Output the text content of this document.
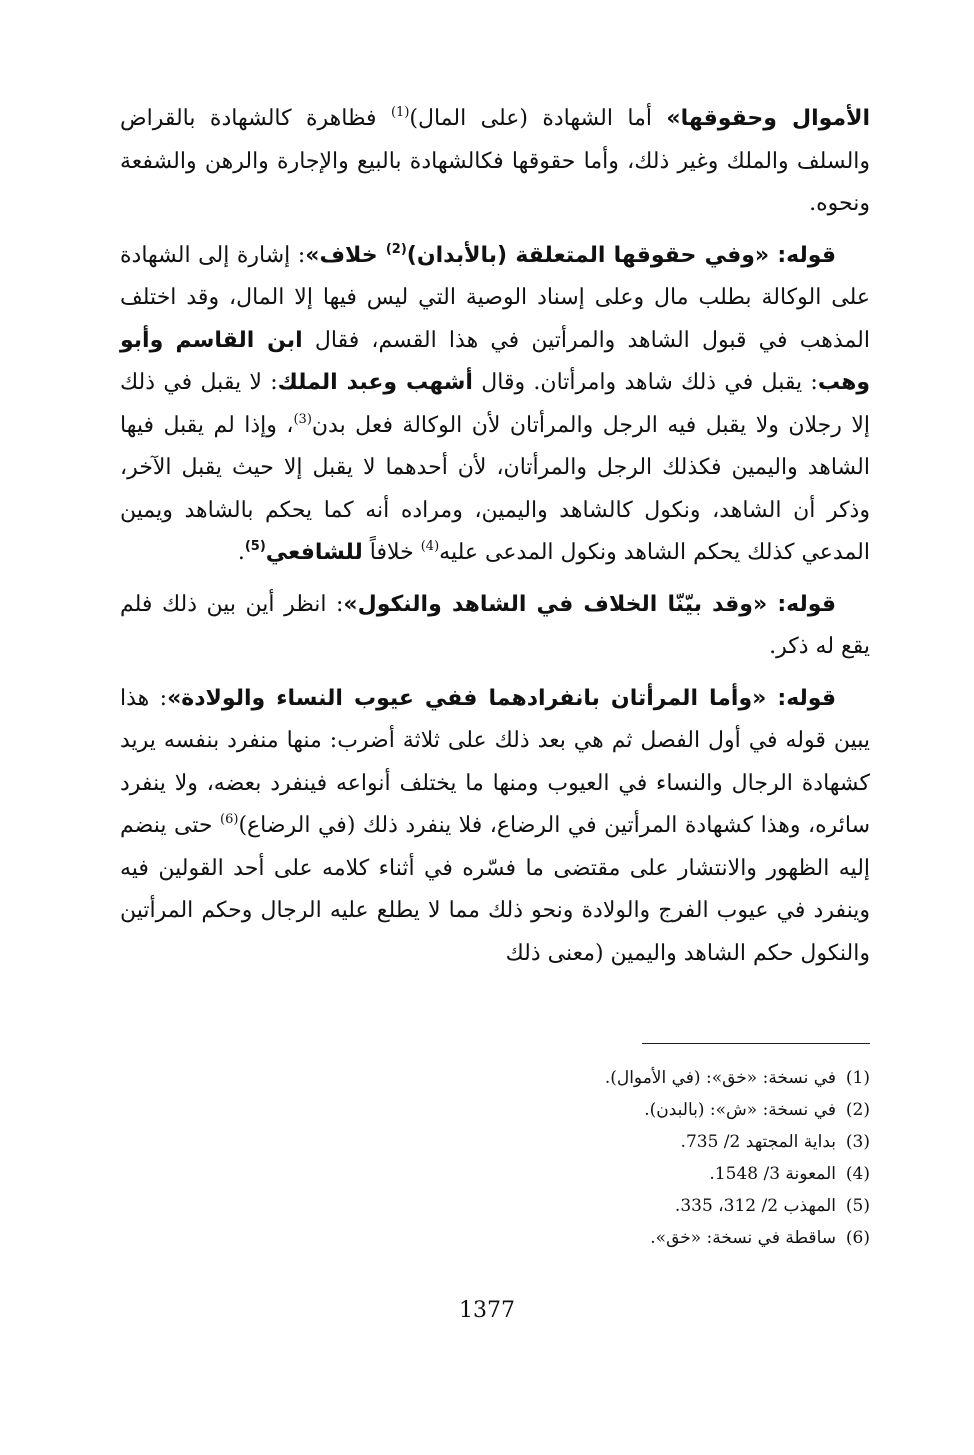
الأموال وحقوقها» أما الشهادة (على المال)$^{(1)}$ فظاهرة كالشهادة بالقراض والسلف والملك وغير ذلك، وأما حقوقها فكالشهادة بالبيع والإجارة والرهن والشفعة ونحوه.

قوله: «وفي حقوقها المتعلقة (بالأبدان)$^{(2)}$ خلاف»: إشارة إلى الشهادة على الوكالة بطلب مال وعلى إسناد الوصية التي ليس فيها إلا المال، وقد اختلف المذهب في قبول الشاهد والمرأتين في هذا القسم، فقال ابن القاسم وأبو وهب: يقبل في ذلك شاهد وامرأتان. وقال أشهب وعبد الملك: لا يقبل في ذلك إلا رجلان ولا يقبل فيه الرجل والمرأتان لأن الوكالة فعل بدن$^{(3)}$، وإذا لم يقبل فيها الشاهد واليمين فكذلك الرجل والمرأتان، لأن أحدهما لا يقبل إلا حيث يقبل الآخر، وذكر أن الشاهد، ونكول كالشاهد واليمين، ومراده أنه كما يحكم بالشاهد ويمين المدعي كذلك يحكم الشاهد ونكول المدعى عليه$^{(4)}$ خلافاً للشافعي$^{(5)}$.

قوله: «وقد بيّنّا الخلاف في الشاهد والنكول»: انظر أين بين ذلك فلم يقع له ذكر.

قوله: «وأما المرأتان بانفرادهما ففي عيوب النساء والولادة»: هذا يبين قوله في أول الفصل ثم هي بعد ذلك على ثلاثة أضرب: منها منفرد بنفسه يريد كشهادة الرجال والنساء في العيوب ومنها ما يختلف أنواعه فينفرد بعضه، ولا ينفرد سائره، وهذا كشهادة المرأتين في الرضاع، فلا ينفرد ذلك (في الرضاع)$^{(6)}$ حتى ينضم إليه الظهور والانتشار على مقتضى ما فسّره في أثناء كلامه على أحد القولين فيه وينفرد في عيوب الفرج والولادة ونحو ذلك مما لا يطلع عليه الرجال وحكم المرأتين والنكول حكم الشاهد واليمين (معنى ذلك

(1)في نسخة: «خق»: (في الأموال).
(2)في نسخة: «ش»: (بالبدن).
(3)بداية المجتهد 2/ 735.
(4)المعونة 3/ 1548.
(5)المهذب 2/ 312، 335.
(6)ساقطة في نسخة: «خق».
1377
